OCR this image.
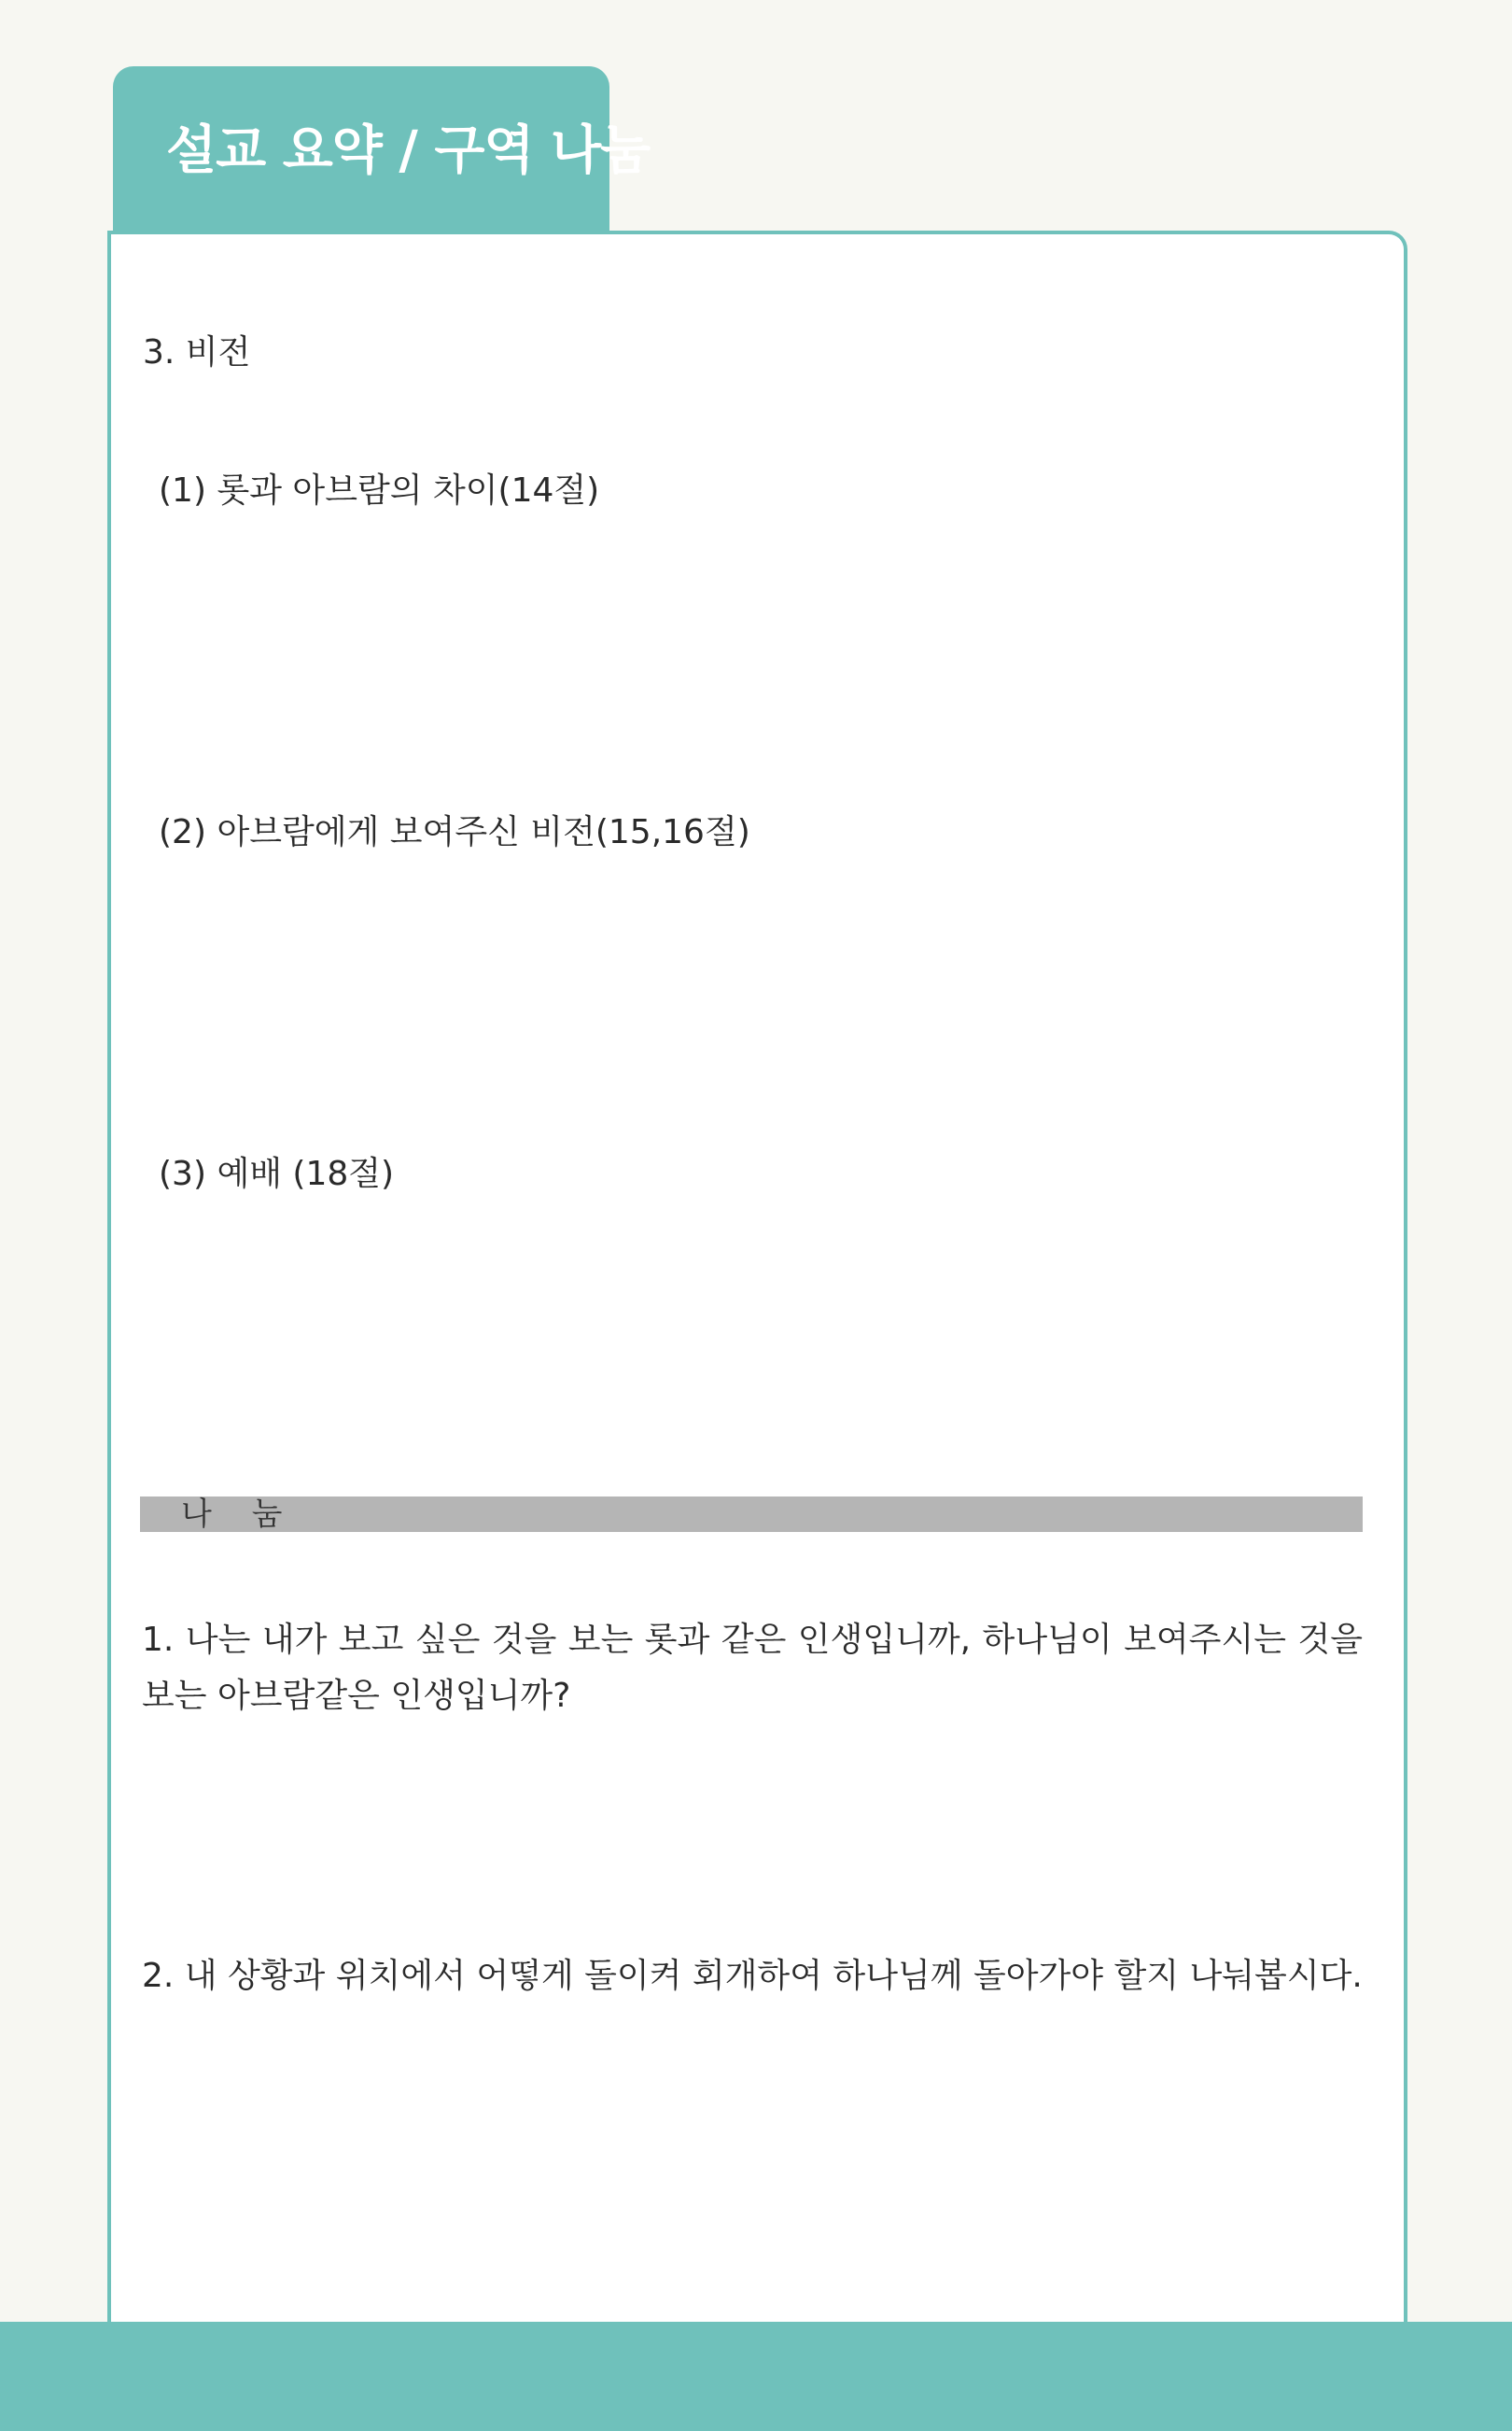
설교 요약 / 구역 나눔
3. 비전
(1) 롯과 아브람의 차이(14절)
(2) 아브람에게 보여주신 비전(15,16절)
(3) 예배 (18절)
나 눔
1. 나는 내가 보고 싶은 것을 보는 롯과 같은 인생입니까, 하나님이 보여주시는 것을 보는 아브람같은 인생입니까?
2. 내 상황과 위치에서 어떻게 돌이켜 회개하여 하나님께 돌아가야 할지 나눠봅시다.
